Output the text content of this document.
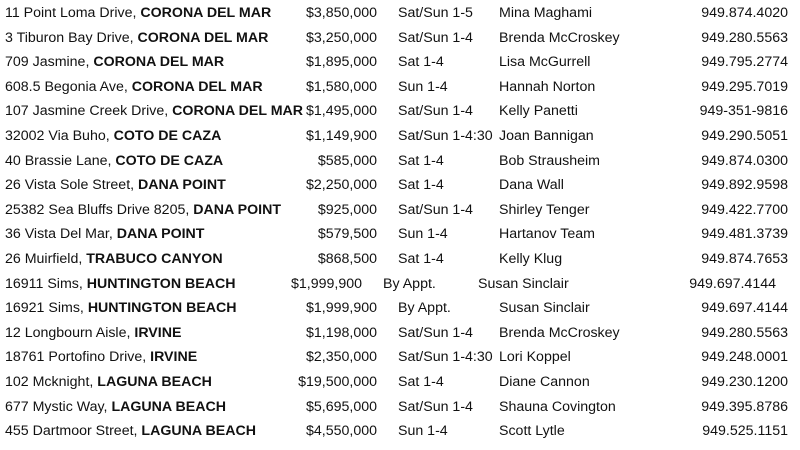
11 Point Loma Drive, CORONA DEL MAR $3,850,000 Sat/Sun 1-5 Mina Maghami	949.874.4020
3 Tiburon Bay Drive, CORONA DEL MAR	$3,250,000 Sat/Sun 1-4 Brenda McCroskey	949.280.5563
709 Jasmine, CORONA DEL MAR	$1,895,000 Sat 1-4	Lisa McGurrell	949.795.2774
608.5 Begonia Ave, CORONA DEL MAR	$1,580,000 Sun 1-4	Hannah Norton	949.295.7019
107 Jasmine Creek Drive, CORONA DEL MAR $1,495,000 Sat/Sun 1-4 Kelly Panetti	949-351-9816
32002 Via Buho, COTO DE CAZA	$1,149,900 Sat/Sun 1-4:30 Joan Bannigan	949.290.5051
40 Brassie Lane, COTO DE CAZA	$585,000 Sat 1-4	Bob Strausheim	949.874.0300
26 Vista Sole Street, DANA POINT	$2,250,000 Sat 1-4	Dana Wall	949.892.9598
25382 Sea Bluffs Drive 8205, DANA POINT	$925,000 Sat/Sun 1-4 Shirley Tenger	949.422.7700
36 Vista Del Mar, DANA POINT	$579,500 Sun 1-4	Hartanov Team	949.481.3739
26 Muirfield, TRABUCO CANYON	$868,500 Sat 1-4	Kelly Klug	949.874.7653
16911 Sims, HUNTINGTON BEACH	$1,999,900 By Appt.	Susan Sinclair	949.697.4144
16921 Sims, HUNTINGTON BEACH	$1,999,900 By Appt.	Susan Sinclair	949.697.4144
12 Longbourn Aisle, IRVINE	$1,198,000 Sat/Sun 1-4 Brenda McCroskey	949.280.5563
18761 Portofino Drive, IRVINE	$2,350,000 Sat/Sun 1-4:30 Lori Koppel	949.248.0001
102 Mcknight, LAGUNA BEACH	$19,500,000 Sat 1-4	Diane Cannon	949.230.1200
677 Mystic Way, LAGUNA BEACH	$5,695,000 Sat/Sun 1-4 Shauna Covington	949.395.8786
455 Dartmoor Street, LAGUNA BEACH	$4,550,000 Sun 1-4	Scott Lytle	949.525.1151
